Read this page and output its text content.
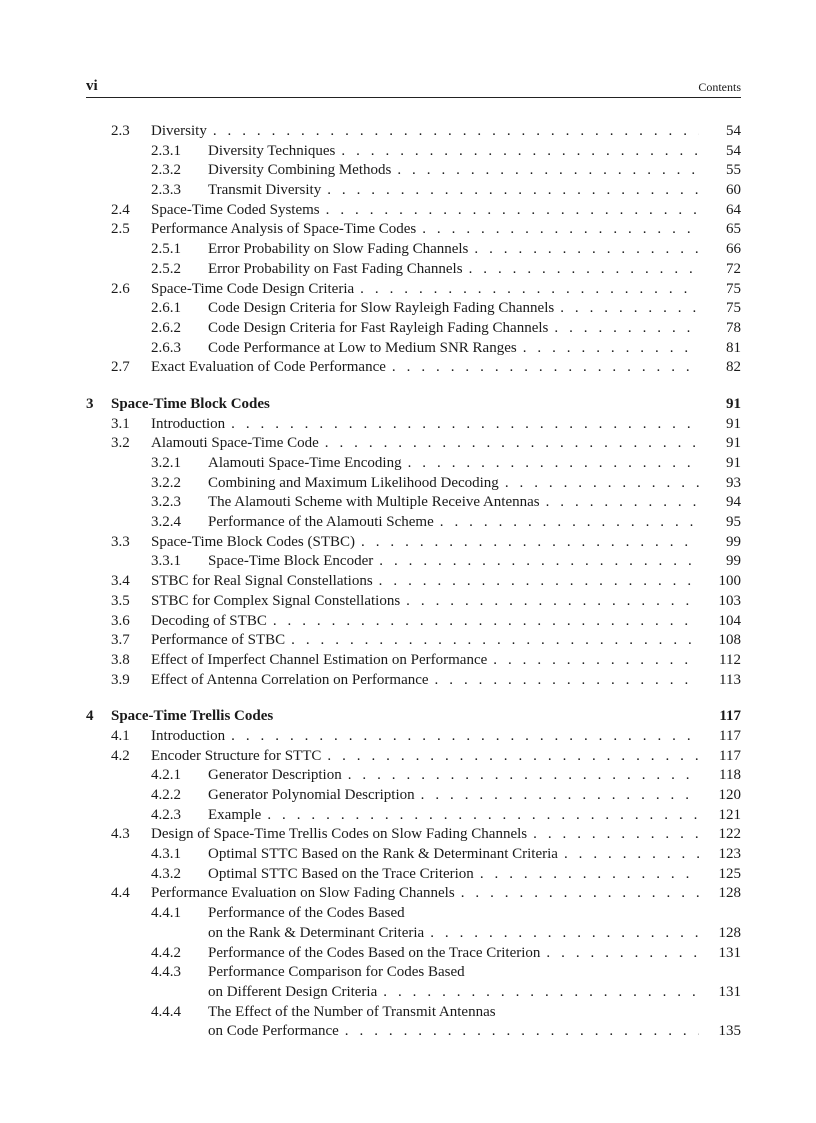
vi	Contents
2.3 Diversity . . .	54
2.3.1 Diversity Techniques . . .	54
2.3.2 Diversity Combining Methods . . .	55
2.3.3 Transmit Diversity . . .	60
2.4 Space-Time Coded Systems . . .	64
2.5 Performance Analysis of Space-Time Codes . . .	65
2.5.1 Error Probability on Slow Fading Channels . . .	66
2.5.2 Error Probability on Fast Fading Channels . . .	72
2.6 Space-Time Code Design Criteria . . .	75
2.6.1 Code Design Criteria for Slow Rayleigh Fading Channels . . .	75
2.6.2 Code Design Criteria for Fast Rayleigh Fading Channels . . .	78
2.6.3 Code Performance at Low to Medium SNR Ranges . . .	81
2.7 Exact Evaluation of Code Performance . . .	82
3 Space-Time Block Codes	91
3.1 Introduction . . .	91
3.2 Alamouti Space-Time Code . . .	91
3.2.1 Alamouti Space-Time Encoding . . .	91
3.2.2 Combining and Maximum Likelihood Decoding . . .	93
3.2.3 The Alamouti Scheme with Multiple Receive Antennas . . .	94
3.2.4 Performance of the Alamouti Scheme . . .	95
3.3 Space-Time Block Codes (STBC) . . .	99
3.3.1 Space-Time Block Encoder . . .	99
3.4 STBC for Real Signal Constellations . . .	100
3.5 STBC for Complex Signal Constellations . . .	103
3.6 Decoding of STBC . . .	104
3.7 Performance of STBC . . .	108
3.8 Effect of Imperfect Channel Estimation on Performance . . .	112
3.9 Effect of Antenna Correlation on Performance . . .	113
4 Space-Time Trellis Codes	117
4.1 Introduction . . .	117
4.2 Encoder Structure for STTC . . .	117
4.2.1 Generator Description . . .	118
4.2.2 Generator Polynomial Description . . .	120
4.2.3 Example . . .	121
4.3 Design of Space-Time Trellis Codes on Slow Fading Channels . . .	122
4.3.1 Optimal STTC Based on the Rank & Determinant Criteria . . .	123
4.3.2 Optimal STTC Based on the Trace Criterion . . .	125
4.4 Performance Evaluation on Slow Fading Channels . . .	128
4.4.1 Performance of the Codes Based
on the Rank & Determinant Criteria . . .	128
4.4.2 Performance of the Codes Based on the Trace Criterion . . .	131
4.4.3 Performance Comparison for Codes Based
on Different Design Criteria . . .	131
4.4.4 The Effect of the Number of Transmit Antennas
on Code Performance . . .	135
